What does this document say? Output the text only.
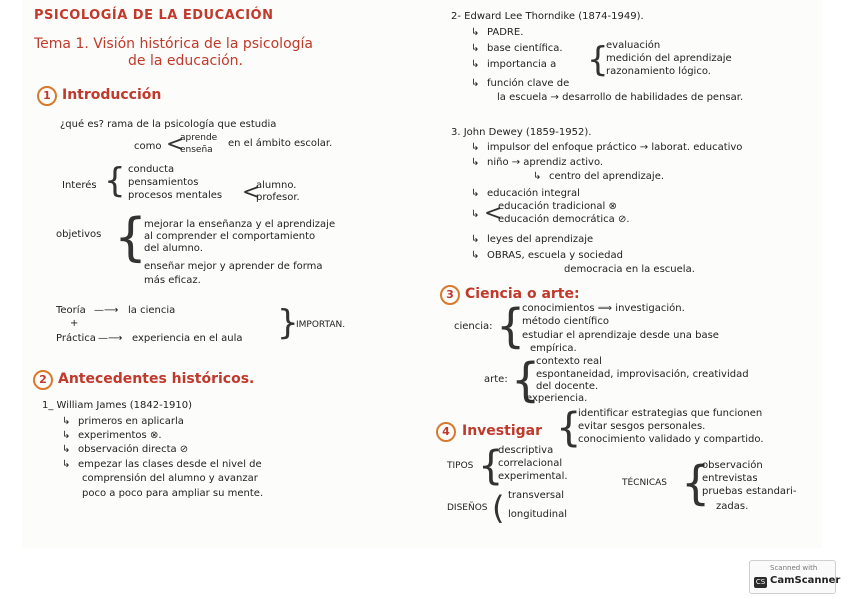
PSICOLOGÍA DE LA EDUCACIÓN
Tema 1. Visión histórica de la psicología
de la educación.
1 Introducción
¿qué es? rama de la psicología que estudia
como <
aprende
enseña
en el ámbito escolar.
Interés { conducta
pensamientos
procesos mentales <
alumno.
profesor.
objetivos {
mejorar la enseñanza y el aprendizaje
al comprender el comportamiento
del alumno.
enseñar mejor y aprender de forma
más eficaz.
Teoría —⟶ la ciencia
+
Práctica —⟶ experiencia en el aula }
IMPORTAN.
2 Antecedentes históricos.
1_ William James (1842-1910)
↳ primeros en aplicarla
↳ experimentos ⊗.
↳ observación directa ⊘
↳ empezar las clases desde el nivel de
comprensión del alumno y avanzar
poco a poco para ampliar su mente.
2- Edward Lee Thorndike (1874-1949).
↳ PADRE.
↳ base científica.
↳ importancia a {
evaluación
medición del aprendizaje
razonamiento lógico.
↳ función clave de
la escuela → desarrollo de habilidades de pensar.
3. John Dewey (1859-1952).
↳ impulsor del enfoque práctico → laborat. educativo
↳ niño → aprendiz activo.
↳ centro del aprendizaje.
↳ educación integral
↳ <
educación tradicional ⊗
educación democrática ⊘.
↳ leyes del aprendizaje
↳ OBRAS, escuela y sociedad
democracia en la escuela.
3 Ciencia o arte:
ciencia: {
conocimientos ⟹ investigación.
método científico
estudiar el aprendizaje desde una base
empírica.
arte: {
contexto real
espontaneidad, improvisación, creatividad
del docente.
experiencia.
4 Investigar {
identificar estrategias que funcionen
evitar sesgos personales.
conocimiento validado y compartido.
TIPOS {
descriptiva
correlacional
experimental.
TÉCNICAS {
observación
entrevistas
pruebas estandari-
zadas.
DISEÑOS ( transversal
longitudinal
Scanned with
CS CamScanner
